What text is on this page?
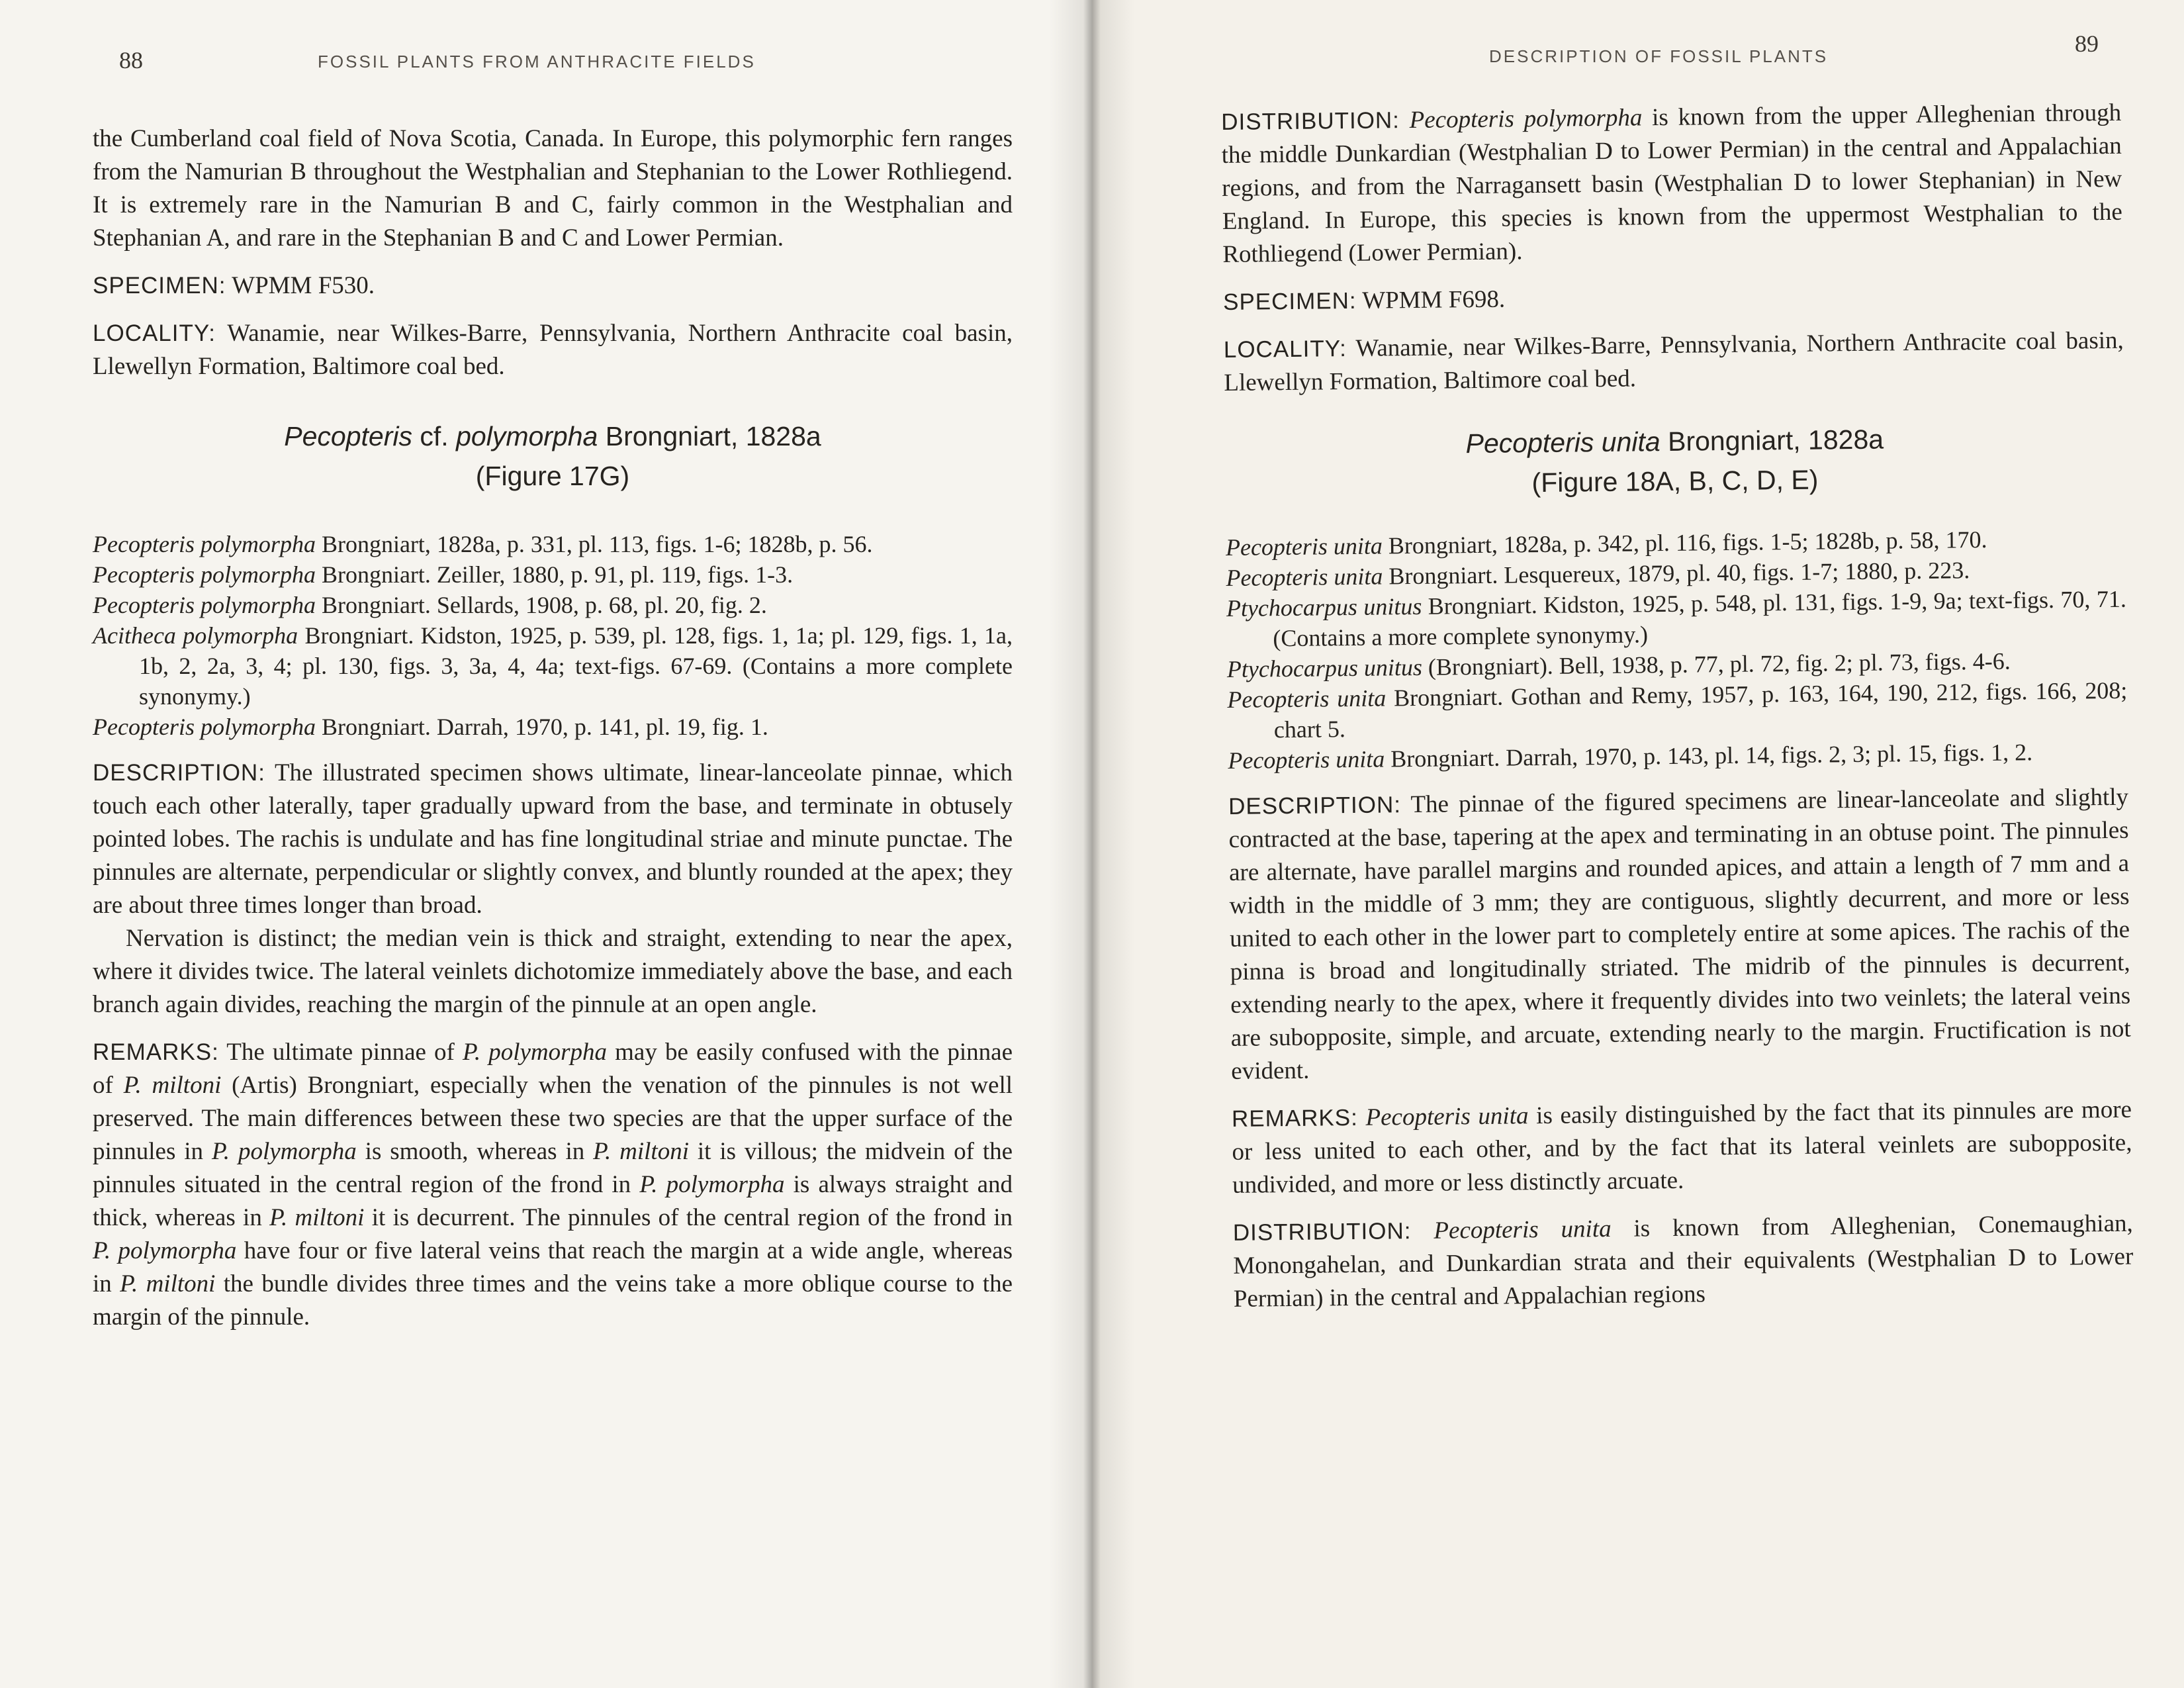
88	FOSSIL PLANTS FROM ANTHRACITE FIELDS

the Cumberland coal field of Nova Scotia, Canada. In Europe, this polymorphic fern ranges from the Namurian B throughout the Westphalian and Stephanian to the Lower Rothliegend. It is extremely rare in the Namurian B and C, fairly common in the Westphalian and Stephanian A, and rare in the Stephanian B and C and Lower Permian.

SPECIMEN: WPMM F530.

LOCALITY: Wanamie, near Wilkes-Barre, Pennsylvania, Northern Anthracite coal basin, Llewellyn Formation, Baltimore coal bed.

Pecopteris cf. polymorpha Brongniart, 1828a
(Figure 17G)

Pecopteris polymorpha Brongniart, 1828a, p. 331, pl. 113, figs. 1-6; 1828b, p. 56.

Pecopteris polymorpha Brongniart. Zeiller, 1880, p. 91, pl. 119, figs. 1-3.

Pecopteris polymorpha Brongniart. Sellards, 1908, p. 68, pl. 20, fig. 2.

Acitheca polymorpha Brongniart. Kidston, 1925, p. 539, pl. 128, figs. 1, 1a; pl. 129, figs. 1, 1a, 1b, 2, 2a, 3, 4; pl. 130, figs. 3, 3a, 4, 4a; text-figs. 67-69. (Contains a more complete synonymy.)

Pecopteris polymorpha Brongniart. Darrah, 1970, p. 141, pl. 19, fig. 1.

DESCRIPTION: The illustrated specimen shows ultimate, linear-lanceolate pinnae, which touch each other laterally, taper gradually upward from the base, and terminate in obtusely pointed lobes. The rachis is undulate and has fine longitudinal striae and minute punctae. The pinnules are alternate, perpendicular or slightly convex, and bluntly rounded at the apex; they are about three times longer than broad.

Nervation is distinct; the median vein is thick and straight, extending to near the apex, where it divides twice. The lateral veinlets dichotomize immediately above the base, and each branch again divides, reaching the margin of the pinnule at an open angle.

REMARKS: The ultimate pinnae of P. polymorpha may be easily confused with the pinnae of P. miltoni (Artis) Brongniart, especially when the venation of the pinnules is not well preserved. The main differences between these two species are that the upper surface of the pinnules in P. polymorpha is smooth, whereas in P. miltoni it is villous; the midvein of the pinnules situated in the central region of the frond in P. polymorpha is always straight and thick, whereas in P. miltoni it is decurrent. The pinnules of the central region of the frond in P. polymorpha have four or five lateral veins that reach the margin at a wide angle, whereas in P. miltoni the bundle divides three times and the veins take a more oblique course to the margin of the pinnule.

DESCRIPTION OF FOSSIL PLANTS	89

DISTRIBUTION: Pecopteris polymorpha is known from the upper Alleghenian through the middle Dunkardian (Westphalian D to Lower Permian) in the central and Appalachian regions, and from the Narragansett basin (Westphalian D to lower Stephanian) in New England. In Europe, this species is known from the uppermost Westphalian to the Rothliegend (Lower Permian).

SPECIMEN: WPMM F698.

LOCALITY: Wanamie, near Wilkes-Barre, Pennsylvania, Northern Anthracite coal basin, Llewellyn Formation, Baltimore coal bed.

Pecopteris unita Brongniart, 1828a
(Figure 18A, B, C, D, E)

Pecopteris unita Brongniart, 1828a, p. 342, pl. 116, figs. 1-5; 1828b, p. 58, 170.

Pecopteris unita Brongniart. Lesquereux, 1879, pl. 40, figs. 1-7; 1880, p. 223.

Ptychocarpus unitus Brongniart. Kidston, 1925, p. 548, pl. 131, figs. 1-9, 9a; text-figs. 70, 71. (Contains a more complete synonymy.)

Ptychocarpus unitus (Brongniart). Bell, 1938, p. 77, pl. 72, fig. 2; pl. 73, figs. 4-6.

Pecopteris unita Brongniart. Gothan and Remy, 1957, p. 163, 164, 190, 212, figs. 166, 208; chart 5.

Pecopteris unita Brongniart. Darrah, 1970, p. 143, pl. 14, figs. 2, 3; pl. 15, figs. 1, 2.

DESCRIPTION: The pinnae of the figured specimens are linear-lanceolate and slightly contracted at the base, tapering at the apex and terminating in an obtuse point. The pinnules are alternate, have parallel margins and rounded apices, and attain a length of 7 mm and a width in the middle of 3 mm; they are contiguous, slightly decurrent, and more or less united to each other in the lower part to completely entire at some apices. The rachis of the pinna is broad and longitudinally striated. The midrib of the pinnules is decurrent, extending nearly to the apex, where it frequently divides into two veinlets; the lateral veins are subopposite, simple, and arcuate, extending nearly to the margin. Fructification is not evident.

REMARKS: Pecopteris unita is easily distinguished by the fact that its pinnules are more or less united to each other, and by the fact that its lateral veinlets are subopposite, undivided, and more or less distinctly arcuate.

DISTRIBUTION: Pecopteris unita is known from Alleghenian, Conemaughian, Monongahelan, and Dunkardian strata and their equivalents (Westphalian D to Lower Permian) in the central and Appalachian regions
